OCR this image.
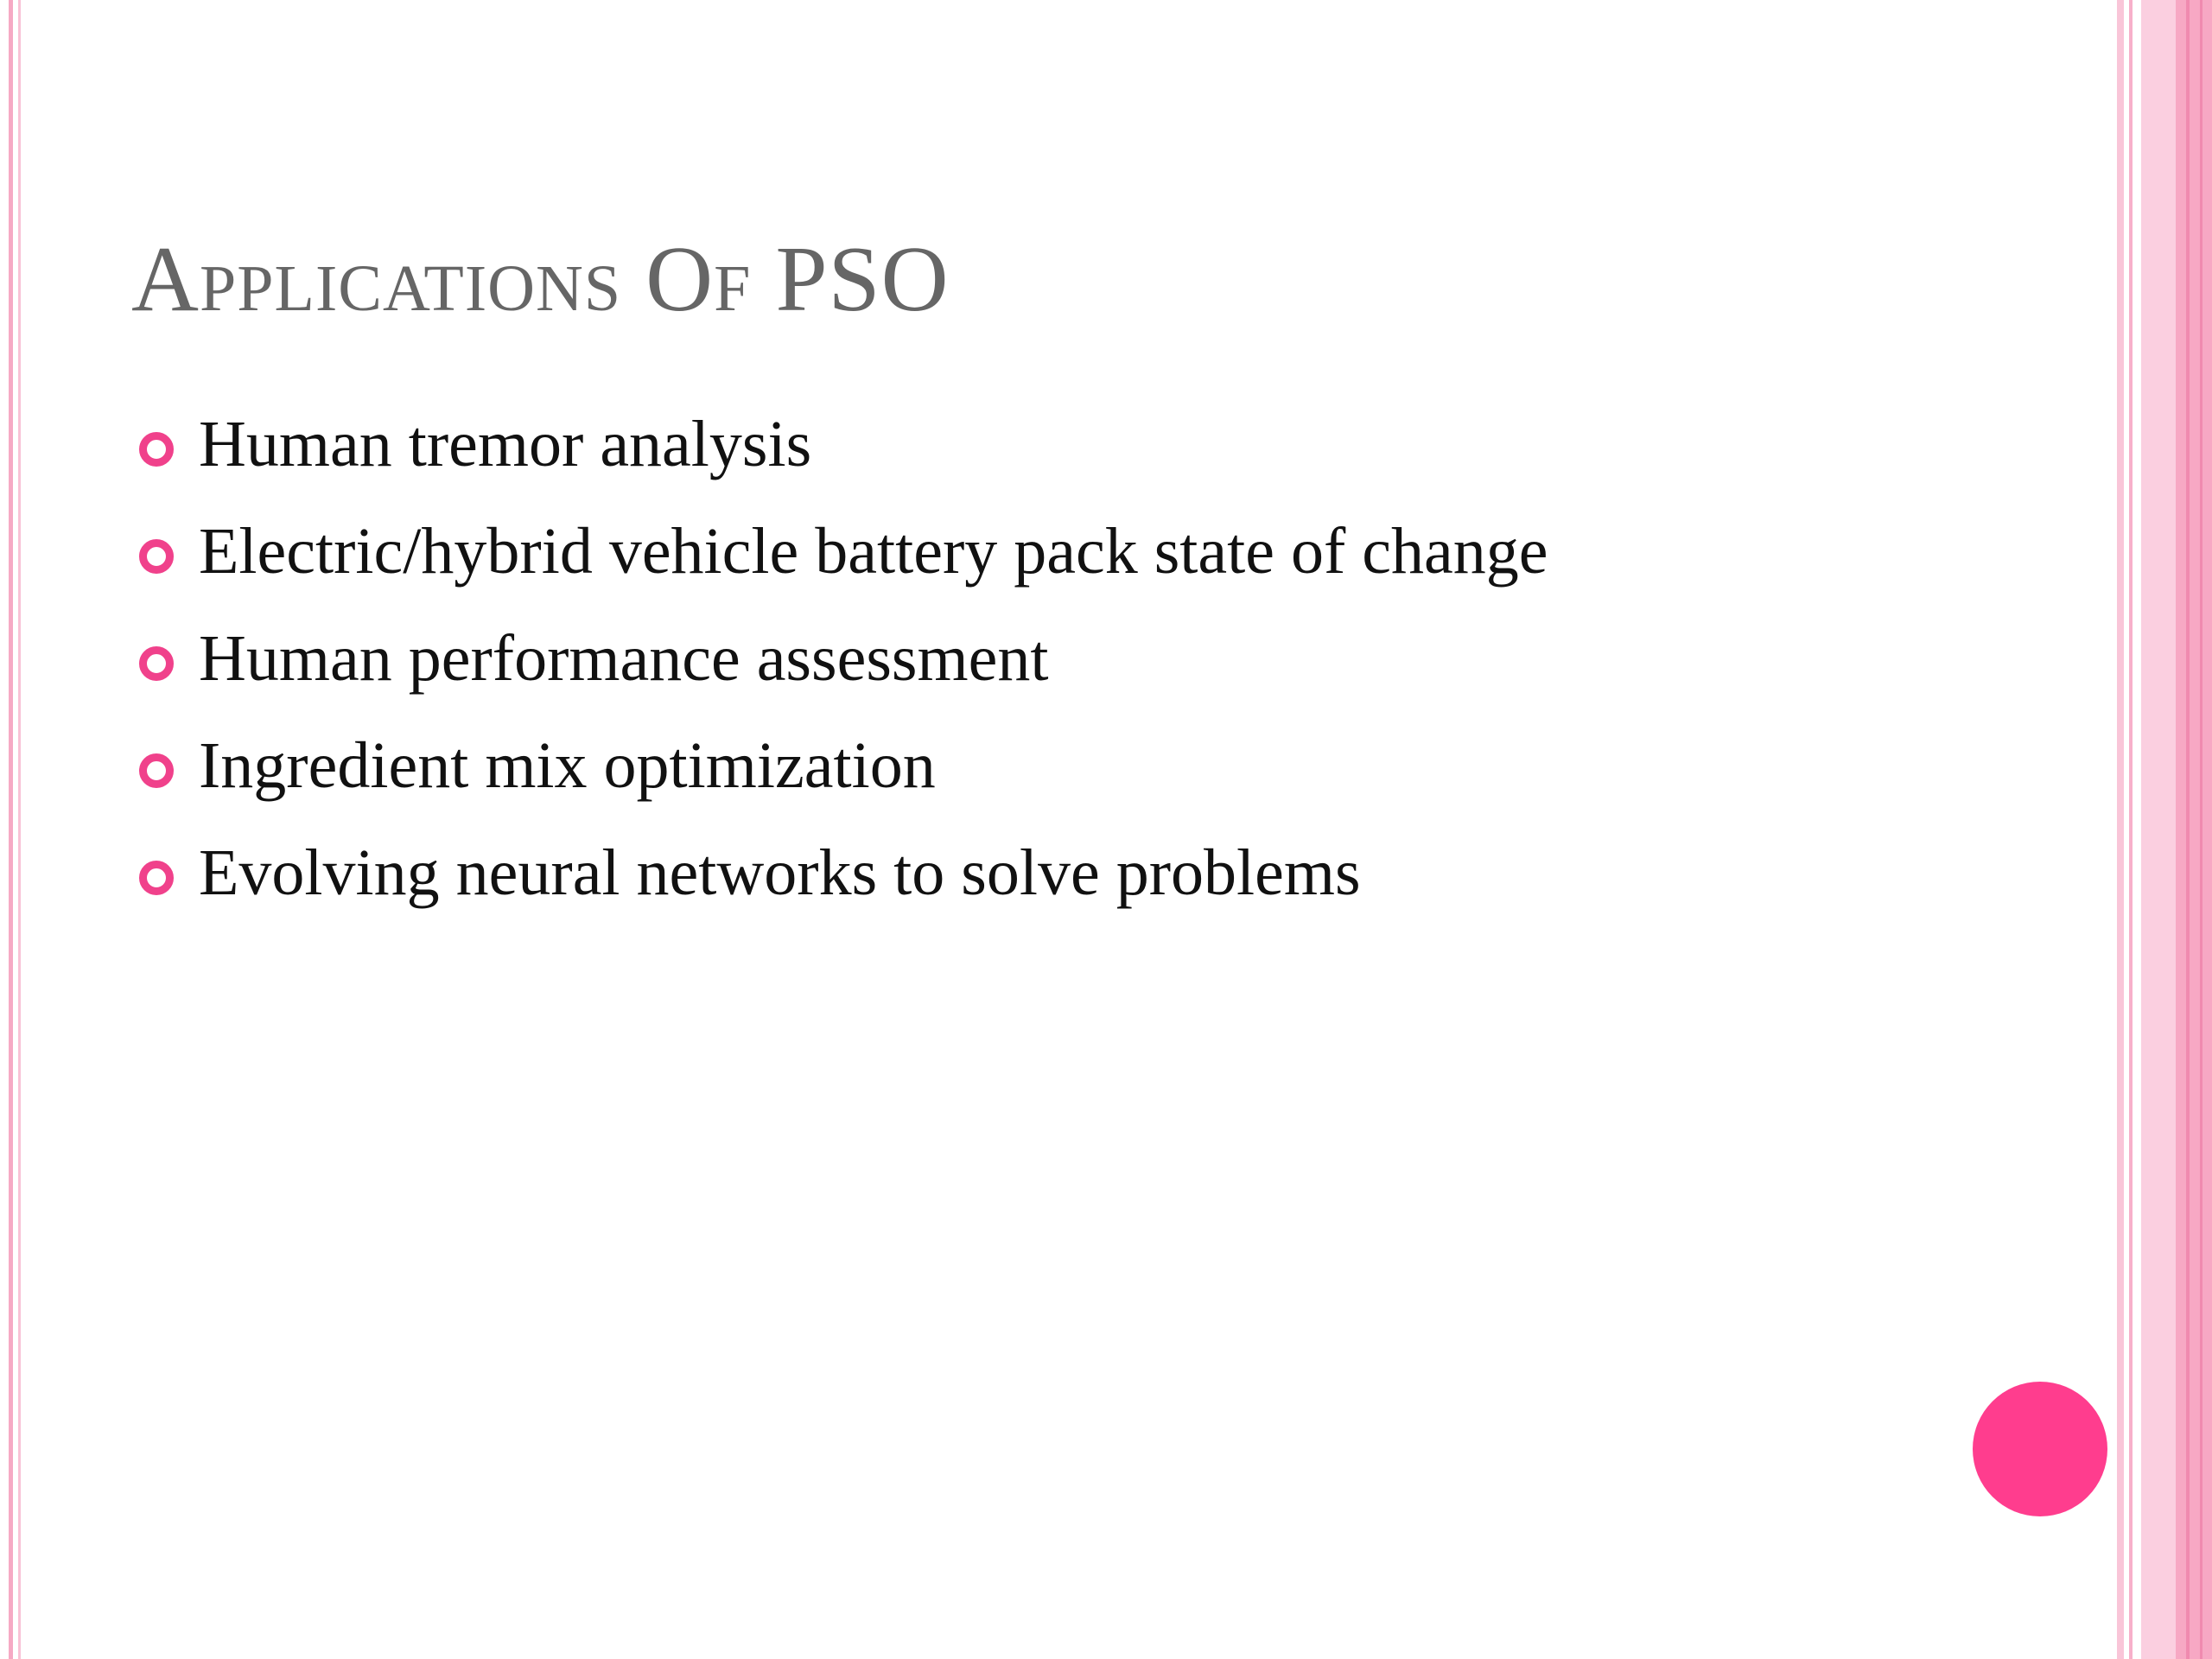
Applications Of PSO
Human tremor analysis
Electric/hybrid vehicle battery pack state of change
Human performance assessment
Ingredient mix optimization
Evolving neural networks to solve problems
